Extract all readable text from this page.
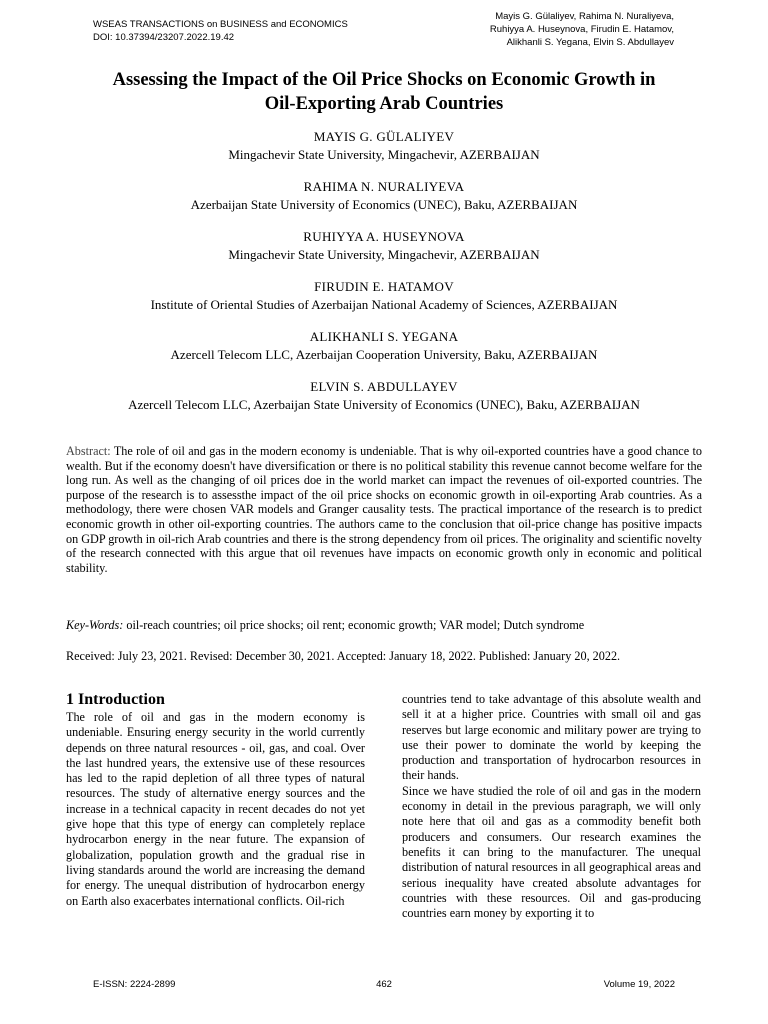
WSEAS TRANSACTIONS on BUSINESS and ECONOMICS
DOI: 10.37394/23207.2022.19.42
Mayis G. Gülaliyev, Rahima N. Nuraliyeva,
Ruhiyya A. Huseynova, Firudin E. Hatamov,
Alikhanli S. Yegana, Elvin S. Abdullayev
Assessing the Impact of the Oil Price Shocks on Economic Growth in
Oil-Exporting Arab Countries
MAYIS G. GÜLALIYEV
Mingachevir State University, Mingachevir, AZERBAIJAN
RAHIMA N. NURALIYEVA
Azerbaijan State University of Economics (UNEC), Baku, AZERBAIJAN
RUHIYYA A. HUSEYNOVA
Mingachevir State University, Mingachevir, AZERBAIJAN
FIRUDIN E. HATAMOV
Institute of Oriental Studies of Azerbaijan National Academy of Sciences, AZERBAIJAN
ALIKHANLI S. YEGANA
Azercell Telecom LLC, Azerbaijan Cooperation University, Baku, AZERBAIJAN
ELVIN S. ABDULLAYEV
Azercell Telecom LLC, Azerbaijan State University of Economics (UNEC), Baku, AZERBAIJAN

Abstract: The role of oil and gas in the modern economy is undeniable. That is why oil-exported countries have a good chance to wealth. But if the economy doesn't have diversification or there is no political stability this revenue cannot become welfare for the long run. As well as the changing of oil prices doe in the world market can impact the revenues of oil-exported countries. The purpose of the research is to assessthe impact of the oil price shocks on economic growth in oil-exporting Arab countries. As a methodology, there were chosen VAR models and Granger causality tests. The practical importance of the research is to predict economic growth in other oil-exporting countries. The authors came to the conclusion that oil-price change has positive impacts on GDP growth in oil-rich Arab countries and there is the strong dependency from oil prices. The originality and scientific novelty of the research connected with this argue that oil revenues have impacts on economic growth only in economic and political stability.

Key-Words: oil-reach countries; oil price shocks; oil rent; economic growth; VAR model; Dutch syndrome

Received: July 23, 2021. Revised: December 30, 2021. Accepted: January 18, 2022. Published: January 20, 2022.

1 Introduction

The role of oil and gas in the modern economy is undeniable. Ensuring energy security in the world currently depends on three natural resources - oil, gas, and coal. Over the last hundred years, the extensive use of these resources has led to the rapid depletion of all three types of natural resources. The study of alternative energy sources and the increase in a technical capacity in recent decades do not yet give hope that this type of energy can completely replace hydrocarbon energy in the near future. The expansion of globalization, population growth and the gradual rise in living standards around the world are increasing the demand for energy. The unequal distribution of hydrocarbon energy on Earth also exacerbates international conflicts. Oil-rich

countries tend to take advantage of this absolute wealth and sell it at a higher price. Countries with small oil and gas reserves but large economic and military power are trying to use their power to dominate the world by keeping the production and transportation of hydrocarbon resources in their hands.

Since we have studied the role of oil and gas in the modern economy in detail in the previous paragraph, we will only note here that oil and gas as a commodity benefit both producers and consumers. Our research examines the benefits it can bring to the manufacturer. The unequal distribution of natural resources in all geographical areas and serious inequality have created absolute advantages for countries with these resources. Oil and gas-producing countries earn money by exporting it to

E-ISSN: 2224-2899	462	Volume 19, 2022
